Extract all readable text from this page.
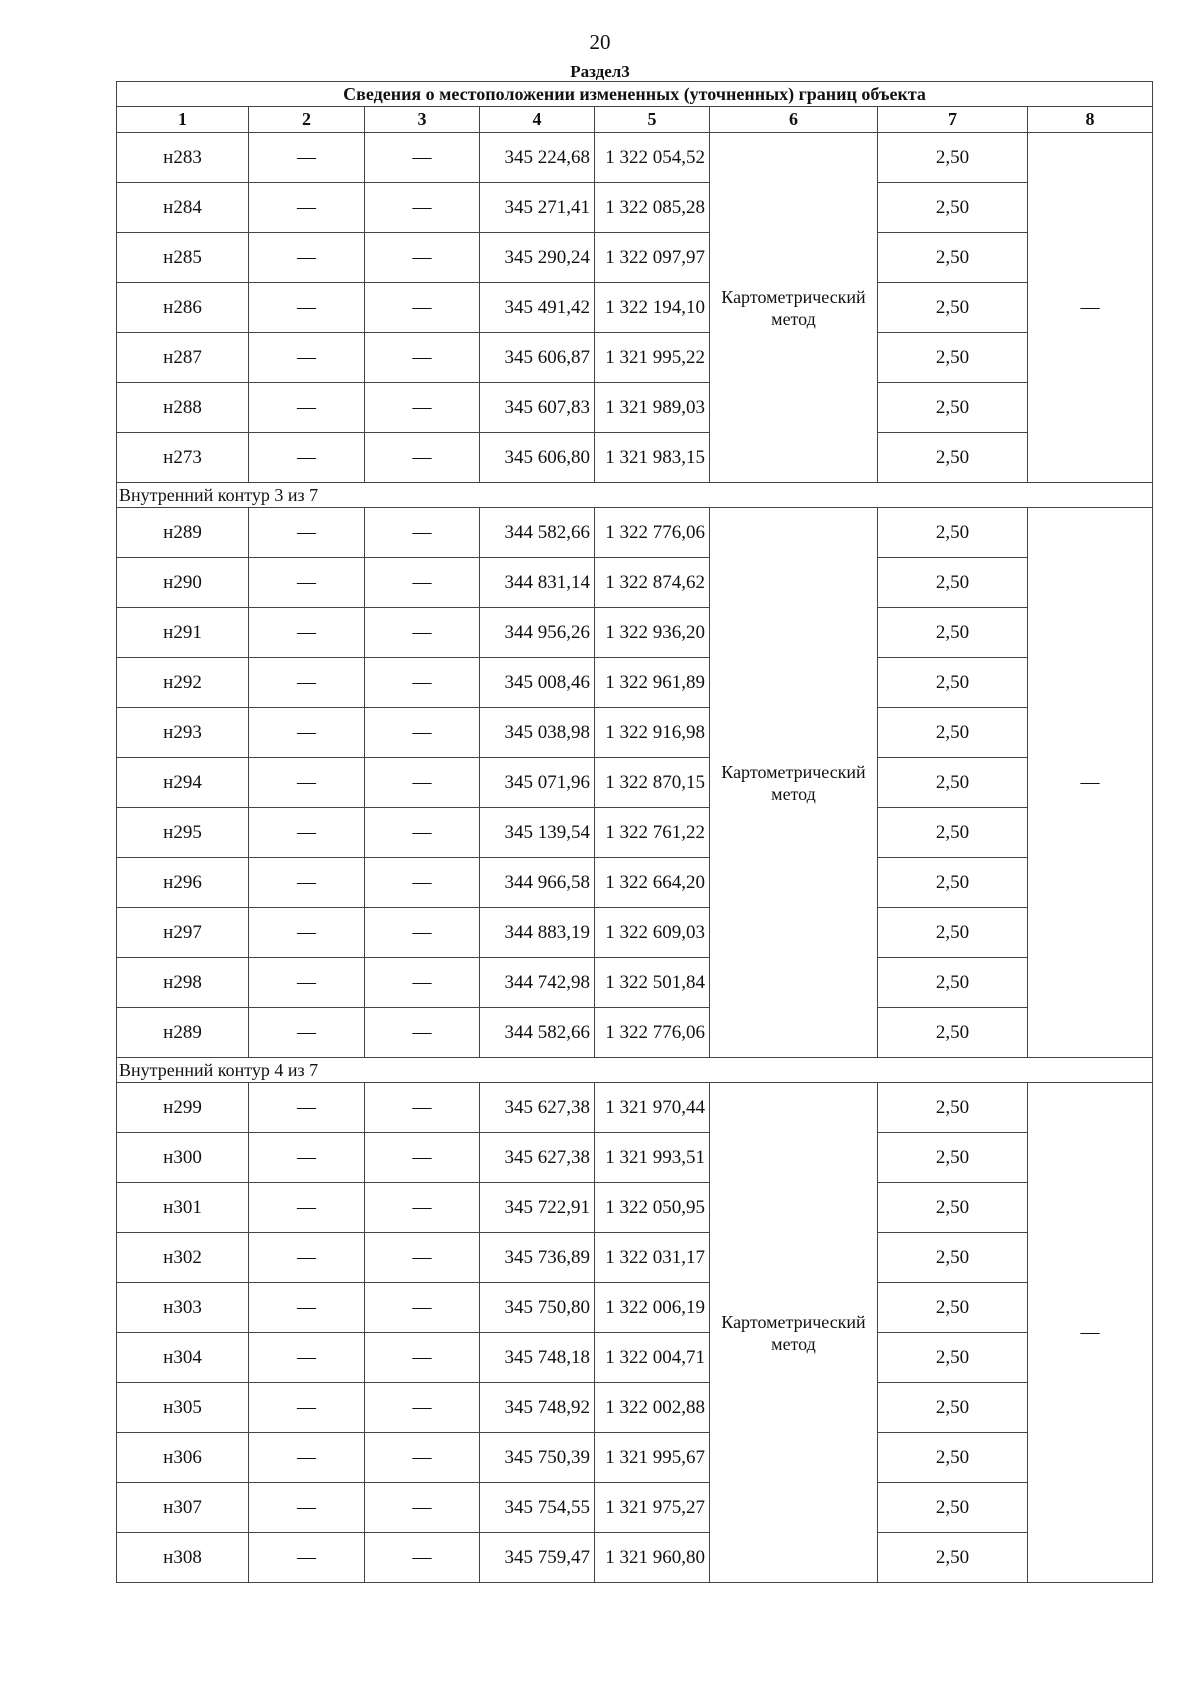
20
Раздел3
Сведения о местоположении измененных (уточненных) границ объекта							
1	2	3	4	5	6	7	8
н283	—	—	345 224,68	1 322 054,52	Картометрический метод	2,50	—
н284	—	—	345 271,41	1 322 085,28		2,50	
н285	—	—	345 290,24	1 322 097,97		2,50	
н286	—	—	345 491,42	1 322 194,10		2,50	
н287	—	—	345 606,87	1 321 995,22		2,50	
н288	—	—	345 607,83	1 321 989,03		2,50	
н273	—	—	345 606,80	1 321 983,15		2,50	
Внутренний контур 3 из 7							
н289	—	—	344 582,66	1 322 776,06	Картометрический метод	2,50	—
н290	—	—	344 831,14	1 322 874,62		2,50	
н291	—	—	344 956,26	1 322 936,20		2,50	
н292	—	—	345 008,46	1 322 961,89		2,50	
н293	—	—	345 038,98	1 322 916,98		2,50	
н294	—	—	345 071,96	1 322 870,15		2,50	
н295	—	—	345 139,54	1 322 761,22		2,50	
н296	—	—	344 966,58	1 322 664,20		2,50	
н297	—	—	344 883,19	1 322 609,03		2,50	
н298	—	—	344 742,98	1 322 501,84		2,50	
н289	—	—	344 582,66	1 322 776,06		2,50	
Внутренний контур 4 из 7							
н299	—	—	345 627,38	1 321 970,44	Картометрический метод	2,50	—
н300	—	—	345 627,38	1 321 993,51		2,50	
н301	—	—	345 722,91	1 322 050,95		2,50	
н302	—	—	345 736,89	1 322 031,17		2,50	
н303	—	—	345 750,80	1 322 006,19		2,50	
н304	—	—	345 748,18	1 322 004,71		2,50	
н305	—	—	345 748,92	1 322 002,88		2,50	
н306	—	—	345 750,39	1 321 995,67		2,50	
н307	—	—	345 754,55	1 321 975,27		2,50	
н308	—	—	345 759,47	1 321 960,80		2,50	
